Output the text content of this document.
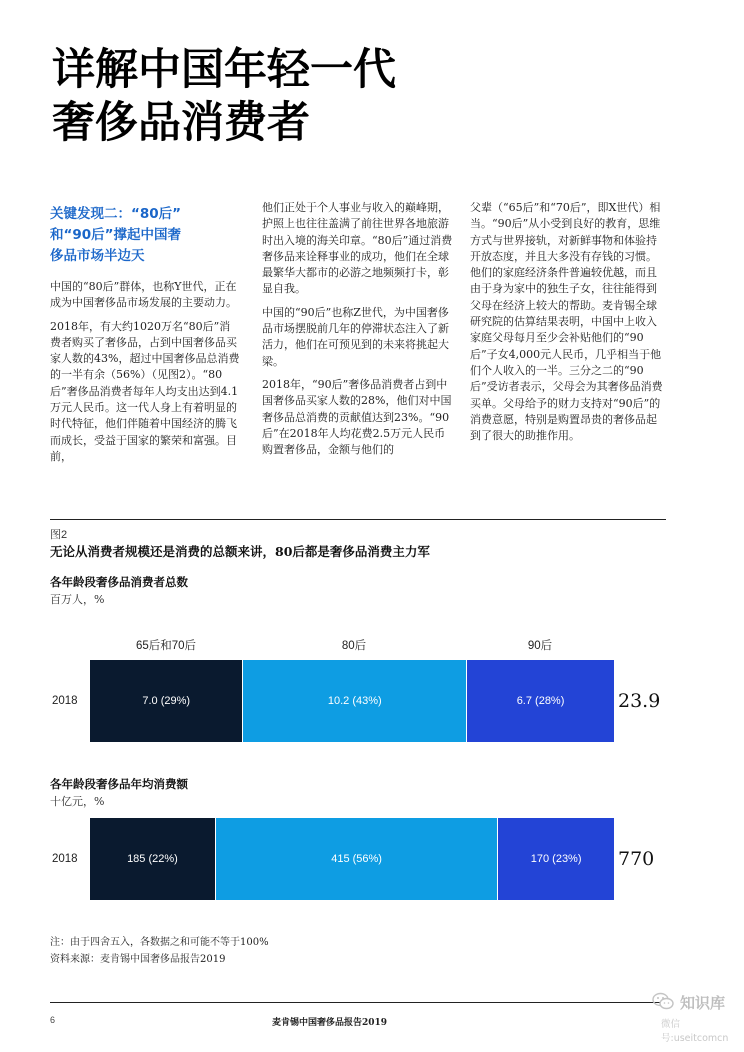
详解中国年轻一代
奢侈品消费者
关键发现二：“80后”
和“90后”撑起中国奢
侈品市场半边天

中国的“80后”群体，也称Y世代，正在成为中国奢侈品市场发展的主要动力。

2018年，有大约1020万名“80后”消费者购买了奢侈品，占到中国奢侈品买家人数的43%，超过中国奢侈品总消费的一半有余（56%）（见图2）。“80后”奢侈品消费者每年人均支出达到4.1万元人民币。这一代人身上有着明显的时代特征，他们伴随着中国经济的腾飞而成长，受益于国家的繁荣和富强。目前，

他们正处于个人事业与收入的巅峰期，护照上也往往盖满了前往世界各地旅游时出入境的海关印章。“80后”通过消费奢侈品来诠释事业的成功，他们在全球最繁华大都市的必游之地频频打卡，彰显自我。

中国的“90后”也称Z世代，为中国奢侈品市场摆脱前几年的停滞状态注入了新活力，他们在可预见到的未来将挑起大梁。

2018年，“90后”奢侈品消费者占到中国奢侈品买家人数的28%，他们对中国奢侈品总消费的贡献值达到23%。“90后”在2018年人均花费2.5万元人民币购置奢侈品，金额与他们的

父辈（“65后”和“70后”，即X世代）相当。“90后”从小受到良好的教育，思维方式与世界接轨，对新鲜事物和体验持开放态度，并且大多没有存钱的习惯。他们的家庭经济条件普遍较优越，而且由于身为家中的独生子女，往往能得到父母在经济上较大的帮助。麦肯锡全球研究院的估算结果表明，中国中上收入家庭父母每月至少会补贴他们的“90后”子女4,000元人民币，几乎相当于他们个人收入的一半。三分之二的“90后”受访者表示，父母会为其奢侈品消费买单。父母给予的财力支持对“90后”的消费意愿，特别是购置昂贵的奢侈品起到了很大的助推作用。

图2
无论从消费者规模还是消费的总额来讲，80后都是奢侈品消费主力军
各年龄段奢侈品消费者总数
百万人，%
65后和70后	80后	90后
2018	7.0 (29%)	10.2 (43%)	6.7 (28%)	23.9
各年龄段奢侈品年均消费额
十亿元，%
2018	185 (22%)	415 (56%)	170 (23%) 770
注：由于四舍五入，各数据之和可能不等于100%
资料来源：麦肯锡中国奢侈品报告2019
6	麦肯锡中国奢侈品报告2019
知识库
微信号:useitcomcn
